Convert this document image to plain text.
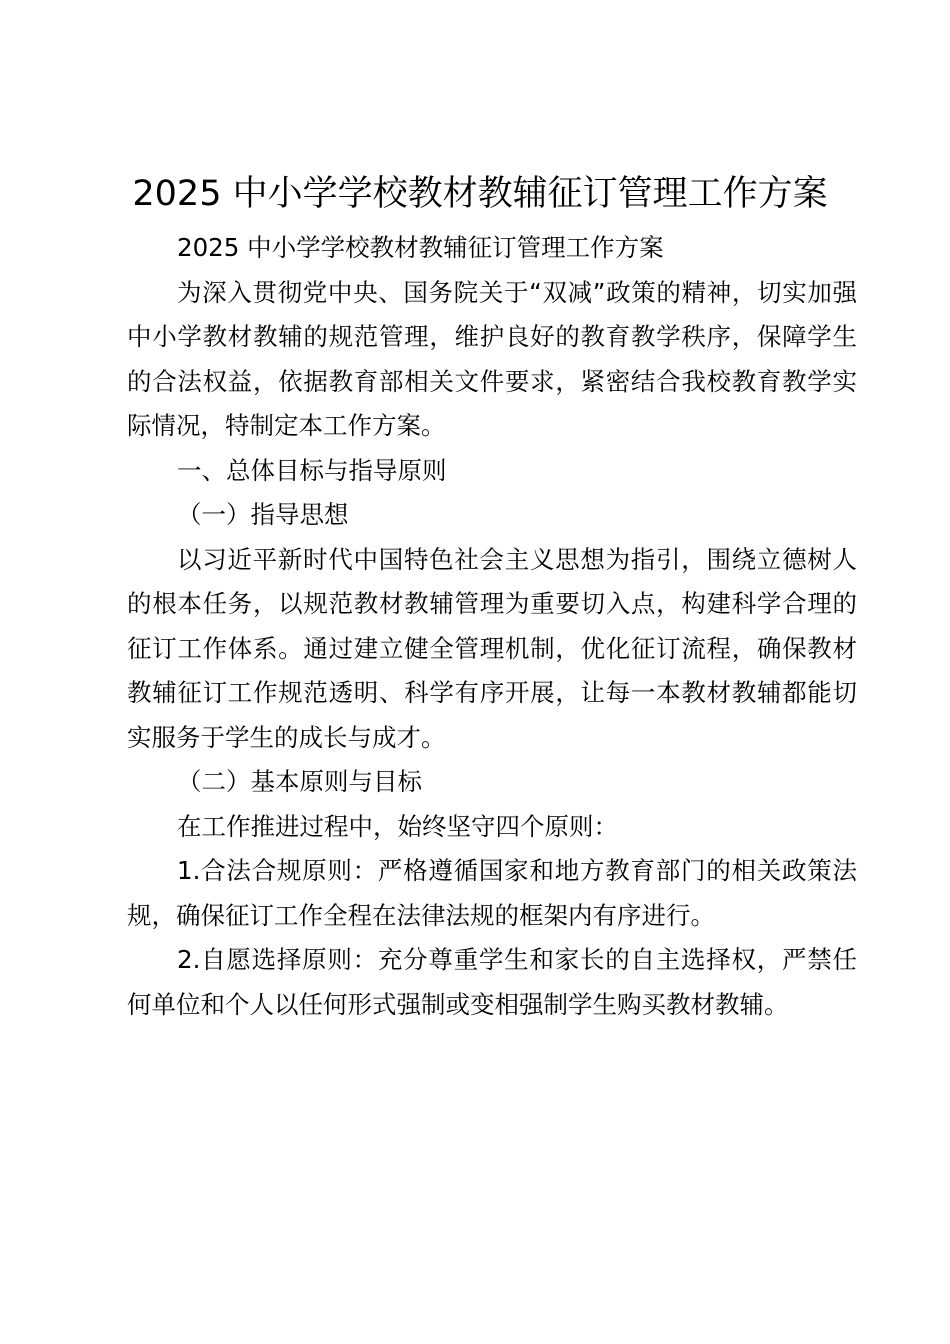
2025 中小学学校教材教辅征订管理工作方案

2025 中小学学校教材教辅征订管理工作方案

为深入贯彻党中央、国务院关于“双减”政策的精神，切实加强中小学教材教辅的规范管理，维护良好的教育教学秩序，保障学生的合法权益，依据教育部相关文件要求，紧密结合我校教育教学实际情况，特制定本工作方案。

一、总体目标与指导原则

（一）指导思想

以习近平新时代中国特色社会主义思想为指引，围绕立德树人的根本任务，以规范教材教辅管理为重要切入点，构建科学合理的征订工作体系。通过建立健全管理机制，优化征订流程，确保教材教辅征订工作规范透明、科学有序开展，让每一本教材教辅都能切实服务于学生的成长与成才。

（二）基本原则与目标

在工作推进过程中，始终坚守四个原则：

1.合法合规原则：严格遵循国家和地方教育部门的相关政策法规，确保征订工作全程在法律法规的框架内有序进行。

2.自愿选择原则：充分尊重学生和家长的自主选择权，严禁任何单位和个人以任何形式强制或变相强制学生购买教材教辅。
